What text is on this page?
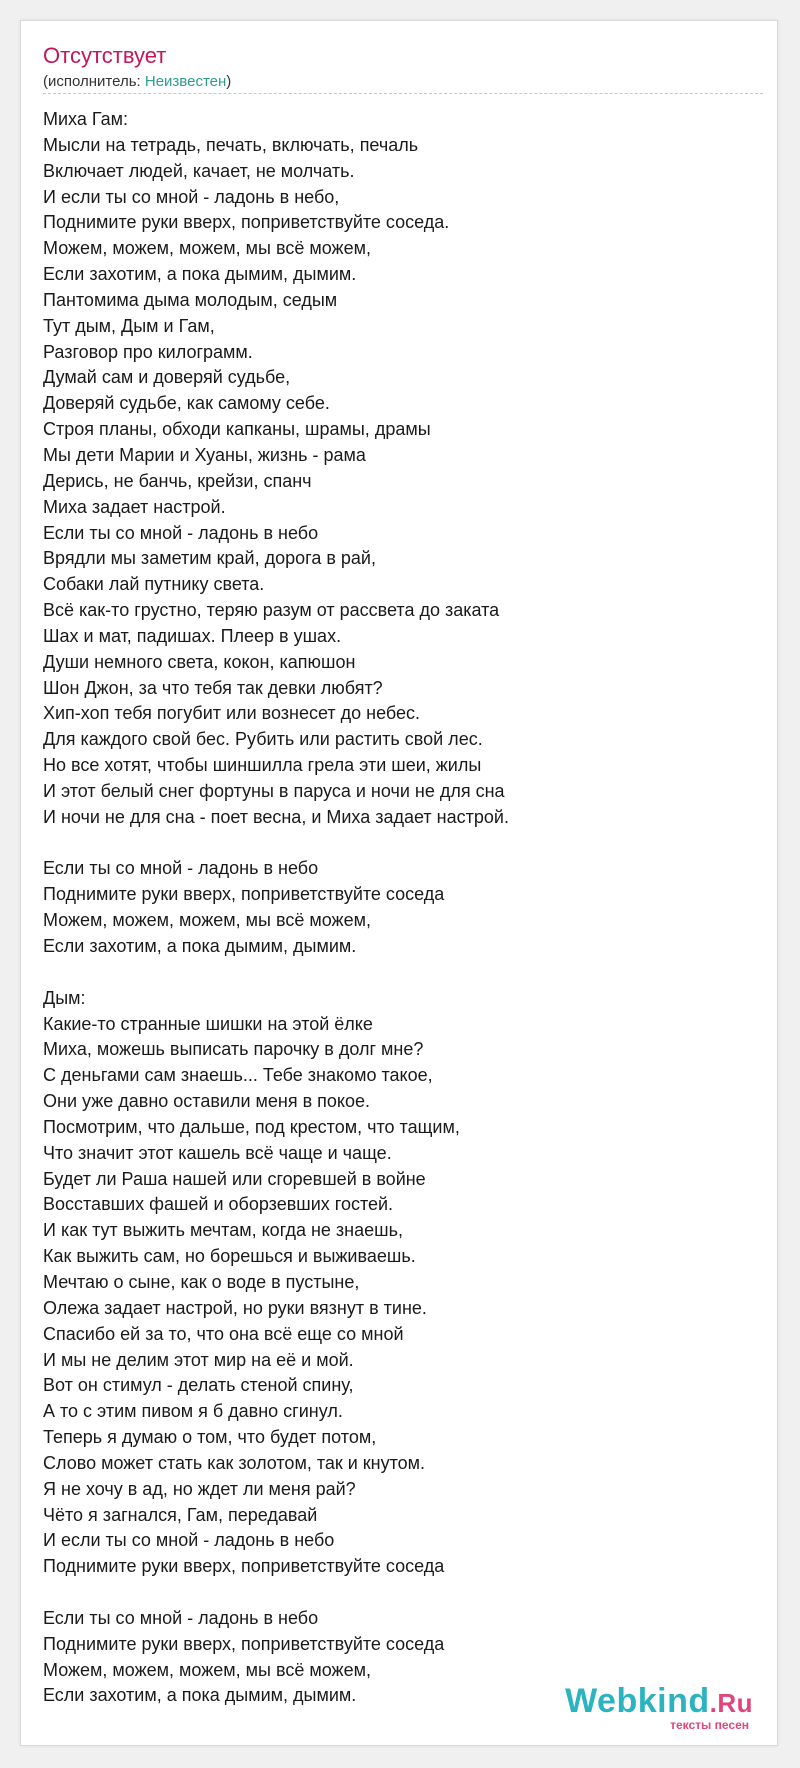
Отсутствует
(исполнитель: Неизвестен)
Миха Гам:
Мысли на тетрадь, печать, включать, печаль
Включает людей, качает, не молчать.
И если ты со мной - ладонь в небо,
Поднимите руки вверх, поприветствуйте соседа.
Можем, можем, можем, мы всё можем,
Если захотим, а пока дымим, дымим.
Пантомима дыма молодым, седым
Тут дым, Дым и Гам,
Разговор про килограмм.
Думай сам и доверяй судьбе,
Доверяй судьбе, как самому себе.
Строя планы, обходи капканы, шрамы, драмы
Мы дети Марии и Хуаны, жизнь - рама
Дерись, не банчь, крейзи, спанч
Миха задает настрой.
Если ты со мной - ладонь в небо
Врядли мы заметим край, дорога в рай,
Собаки лай путнику света.
Всё как-то грустно, теряю разум от рассвета до заката
Шах и мат, падишах. Плеер в ушах.
Души немного света, кокон, капюшон
Шон Джон, за что тебя так девки любят?
Хип-хоп тебя погубит или вознесет до небес.
Для каждого свой бес. Рубить или растить свой лес.
Но все хотят, чтобы шиншилла грела эти шеи, жилы
И этот белый снег фортуны в паруса и ночи не для сна
И ночи не для сна - поет весна, и Миха задает настрой.
Если ты со мной - ладонь в небо
Поднимите руки вверх, поприветствуйте соседа
Можем, можем, можем, мы всё можем,
Если захотим, а пока дымим, дымим.
Дым:
Какие-то странные шишки на этой ёлке
Миха, можешь выписать парочку в долг мне?
С деньгами сам знаешь... Тебе знакомо такое,
Они уже давно оставили меня в покое.
Посмотрим, что дальше, под крестом, что тащим,
Что значит этот кашель всё чаще и чаще.
Будет ли Раша нашей или сгоревшей в войне
Восставших фашей и оборзевших гостей.
И как тут выжить мечтам, когда не знаешь,
Как выжить сам, но борешься и выживаешь.
Мечтаю о сыне, как о воде в пустыне,
Олежа задает настрой, но руки вязнут в тине.
Спасибо ей за то, что она всё еще со мной
И мы не делим этот мир на её и мой.
Вот он стимул - делать стеной спину,
А то с этим пивом я б давно сгинул.
Теперь я думаю о том, что будет потом,
Слово может стать как золотом, так и кнутом.
Я не хочу в ад, но ждет ли меня рай?
Чёто я загнался, Гам, передавай
И если ты со мной - ладонь в небо
Поднимите руки вверх, поприветствуйте соседа
Если ты со мной - ладонь в небо
Поднимите руки вверх, поприветствуйте соседа
Можем, можем, можем, мы всё можем,
Если захотим, а пока дымим, дымим.	Webkind.Ru
тексты песен
